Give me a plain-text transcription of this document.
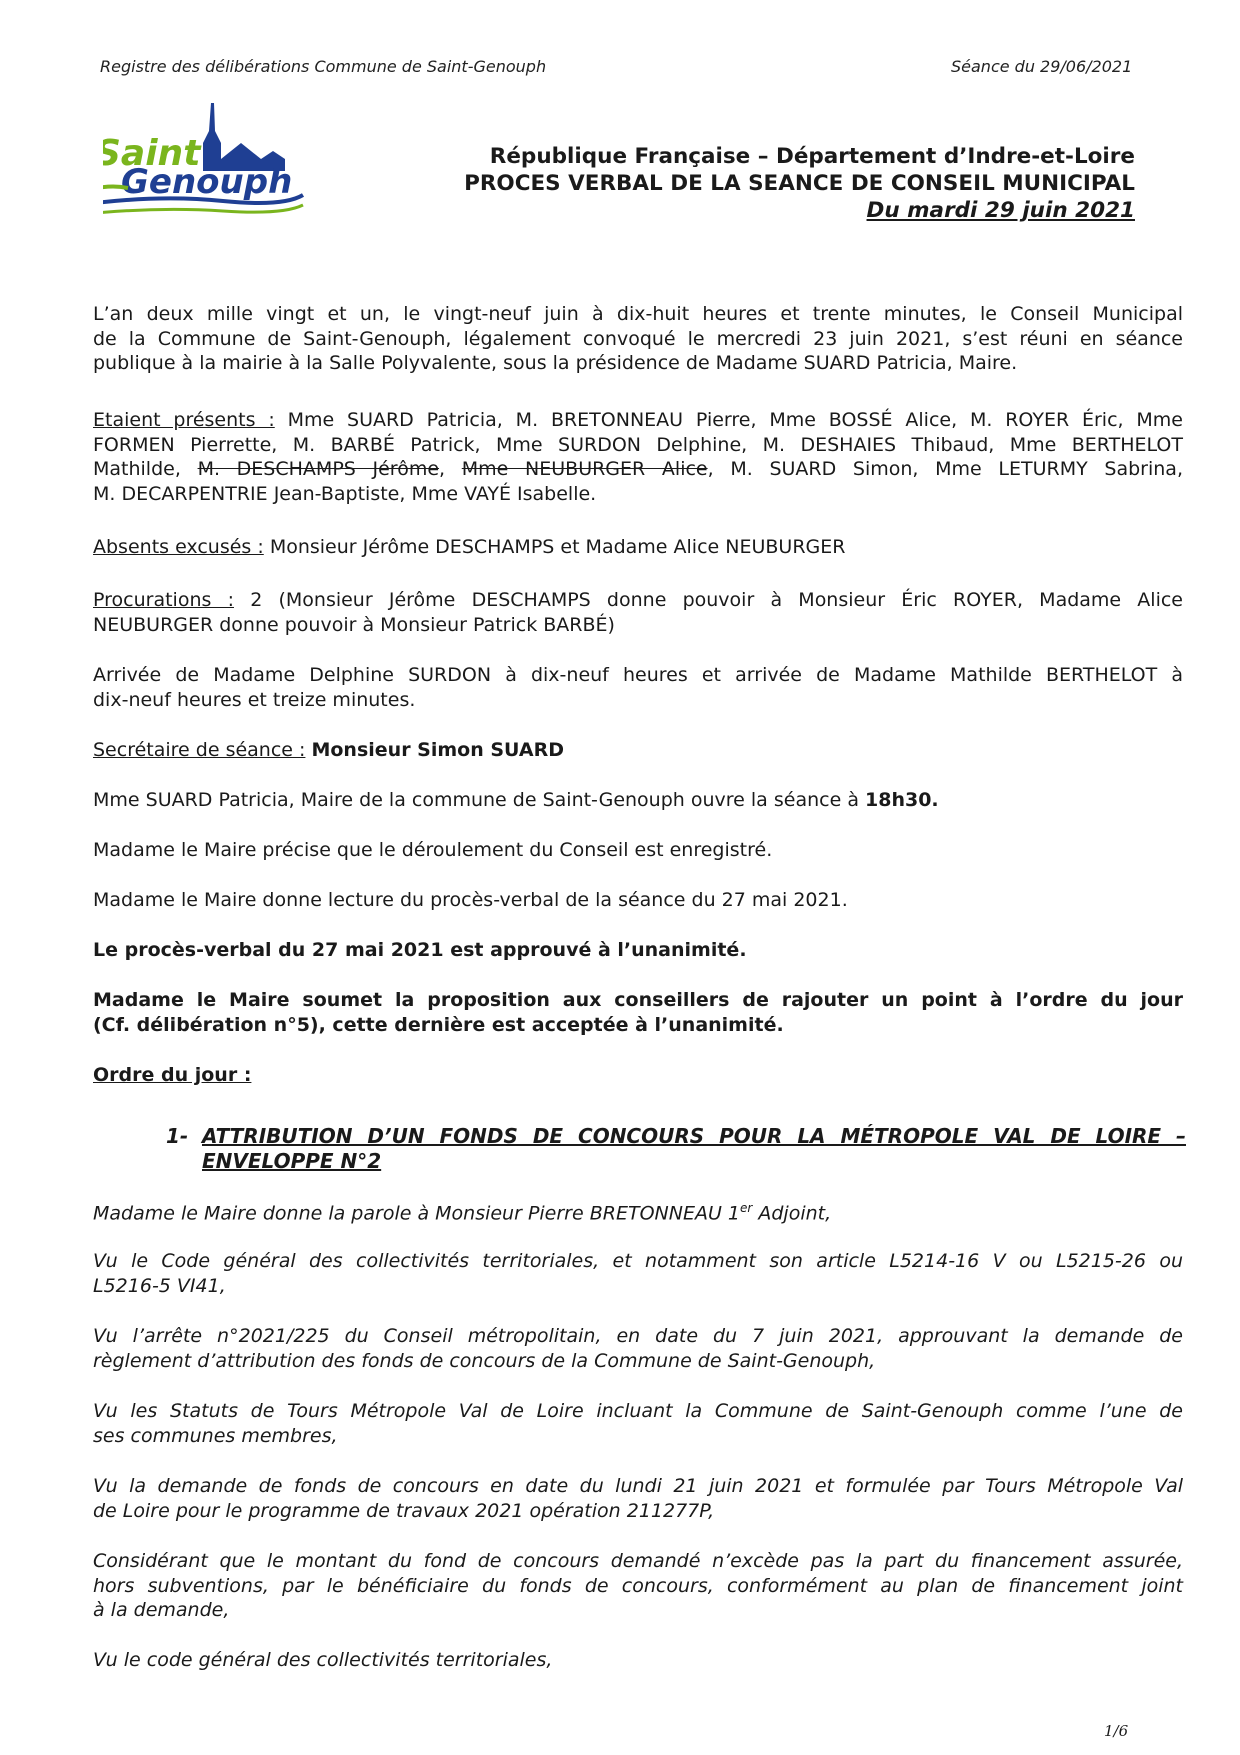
Registre des délibérations Commune de Saint-Genouph	Séance du 29/06/2021
Saint
Genouph
République Française – Département d’Indre-et-Loire
PROCES VERBAL DE LA SEANCE DE CONSEIL MUNICIPAL
Du mardi 29 juin 2021
L’an deux mille vingt et un, le vingt-neuf juin à dix-huit heures et trente minutes, le Conseil Municipal
de la Commune de Saint-Genouph, légalement convoqué le mercredi 23 juin 2021, s’est réuni en séance
publique à la mairie à la Salle Polyvalente, sous la présidence de Madame SUARD Patricia, Maire.
Etaient présents : Mme SUARD Patricia, M. BRETONNEAU Pierre, Mme BOSSÉ Alice, M. ROYER Éric, Mme
FORMEN Pierrette, M. BARBÉ Patrick, Mme SURDON Delphine, M. DESHAIES Thibaud, Mme BERTHELOT
Mathilde, M. DESCHAMPS Jérôme, Mme NEUBURGER Alice, M. SUARD Simon, Mme LETURMY Sabrina,
M. DECARPENTRIE Jean-Baptiste, Mme VAYÉ Isabelle.
Absents excusés : Monsieur Jérôme DESCHAMPS et Madame Alice NEUBURGER
Procurations : 2 (Monsieur Jérôme DESCHAMPS donne pouvoir à Monsieur Éric ROYER, Madame Alice
NEUBURGER donne pouvoir à Monsieur Patrick BARBÉ)
Arrivée de Madame Delphine SURDON à dix-neuf heures et arrivée de Madame Mathilde BERTHELOT à
dix-neuf heures et treize minutes.
Secrétaire de séance : Monsieur Simon SUARD
Mme SUARD Patricia, Maire de la commune de Saint-Genouph ouvre la séance à 18h30.
Madame le Maire précise que le déroulement du Conseil est enregistré.
Madame le Maire donne lecture du procès-verbal de la séance du 27 mai 2021.
Le procès-verbal du 27 mai 2021 est approuvé à l’unanimité.
Madame le Maire soumet la proposition aux conseillers de rajouter un point à l’ordre du jour
(Cf. délibération n°5), cette dernière est acceptée à l’unanimité.
Ordre du jour :
1- ATTRIBUTION D’UN FONDS DE CONCOURS POUR LA MÉTROPOLE VAL DE LOIRE –
ENVELOPPE N°2
Madame le Maire donne la parole à Monsieur Pierre BRETONNEAU 1er Adjoint,
Vu le Code général des collectivités territoriales, et notamment son article L5214-16 V ou L5215-26 ou
L5216-5 VI41,
Vu l’arrête n°2021/225 du Conseil métropolitain, en date du 7 juin 2021, approuvant la demande de
règlement d’attribution des fonds de concours de la Commune de Saint-Genouph,
Vu les Statuts de Tours Métropole Val de Loire incluant la Commune de Saint-Genouph comme l’une de
ses communes membres,
Vu la demande de fonds de concours en date du lundi 21 juin 2021 et formulée par Tours Métropole Val
de Loire pour le programme de travaux 2021 opération 211277P,
Considérant que le montant du fond de concours demandé n’excède pas la part du financement assurée,
hors subventions, par le bénéficiaire du fonds de concours, conformément au plan de financement joint
à la demande,
Vu le code général des collectivités territoriales,
1/6
